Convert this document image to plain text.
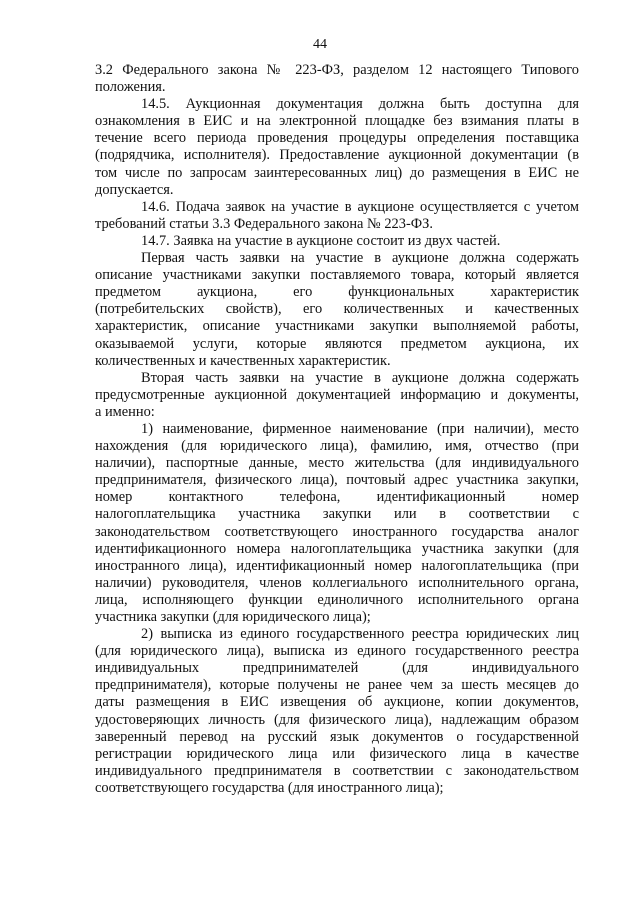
44
3.2 Федерального закона № 223-ФЗ, разделом 12 настоящего Типового
положения.
14.5. Аукционная документация должна быть доступна для
ознакомления в ЕИС и на электронной площадке без взимания платы в
течение всего периода проведения процедуры определения поставщика
(подрядчика, исполнителя). Предоставление аукционной документации (в
том числе по запросам заинтересованных лиц) до размещения в ЕИС не
допускается.
14.6. Подача заявок на участие в аукционе осуществляется с учетом
требований статьи 3.3 Федерального закона № 223-ФЗ.
14.7. Заявка на участие в аукционе состоит из двух частей.
Первая часть заявки на участие в аукционе должна содержать
описание участниками закупки поставляемого товара, который является
предметом аукциона, его функциональных характеристик
(потребительских свойств), его количественных и качественных
характеристик, описание участниками закупки выполняемой работы,
оказываемой услуги, которые являются предметом аукциона, их
количественных и качественных характеристик.
Вторая часть заявки на участие в аукционе должна содержать
предусмотренные аукционной документацией информацию и документы,
а именно:
1) наименование, фирменное наименование (при наличии), место
нахождения (для юридического лица), фамилию, имя, отчество (при
наличии), паспортные данные, место жительства (для индивидуального
предпринимателя, физического лица), почтовый адрес участника закупки,
номер контактного телефона, идентификационный номер
налогоплательщика участника закупки или в соответствии с
законодательством соответствующего иностранного государства аналог
идентификационного номера налогоплательщика участника закупки (для
иностранного лица), идентификационный номер налогоплательщика (при
наличии) руководителя, членов коллегиального исполнительного органа,
лица, исполняющего функции единоличного исполнительного органа
участника закупки (для юридического лица);
2) выписка из единого государственного реестра юридических лиц
(для юридического лица), выписка из единого государственного реестра
индивидуальных предпринимателей (для индивидуального
предпринимателя), которые получены не ранее чем за шесть месяцев до
даты размещения в ЕИС извещения об аукционе, копии документов,
удостоверяющих личность (для физического лица), надлежащим образом
заверенный перевод на русский язык документов о государственной
регистрации юридического лица или физического лица в качестве
индивидуального предпринимателя в соответствии с законодательством
соответствующего государства (для иностранного лица);
